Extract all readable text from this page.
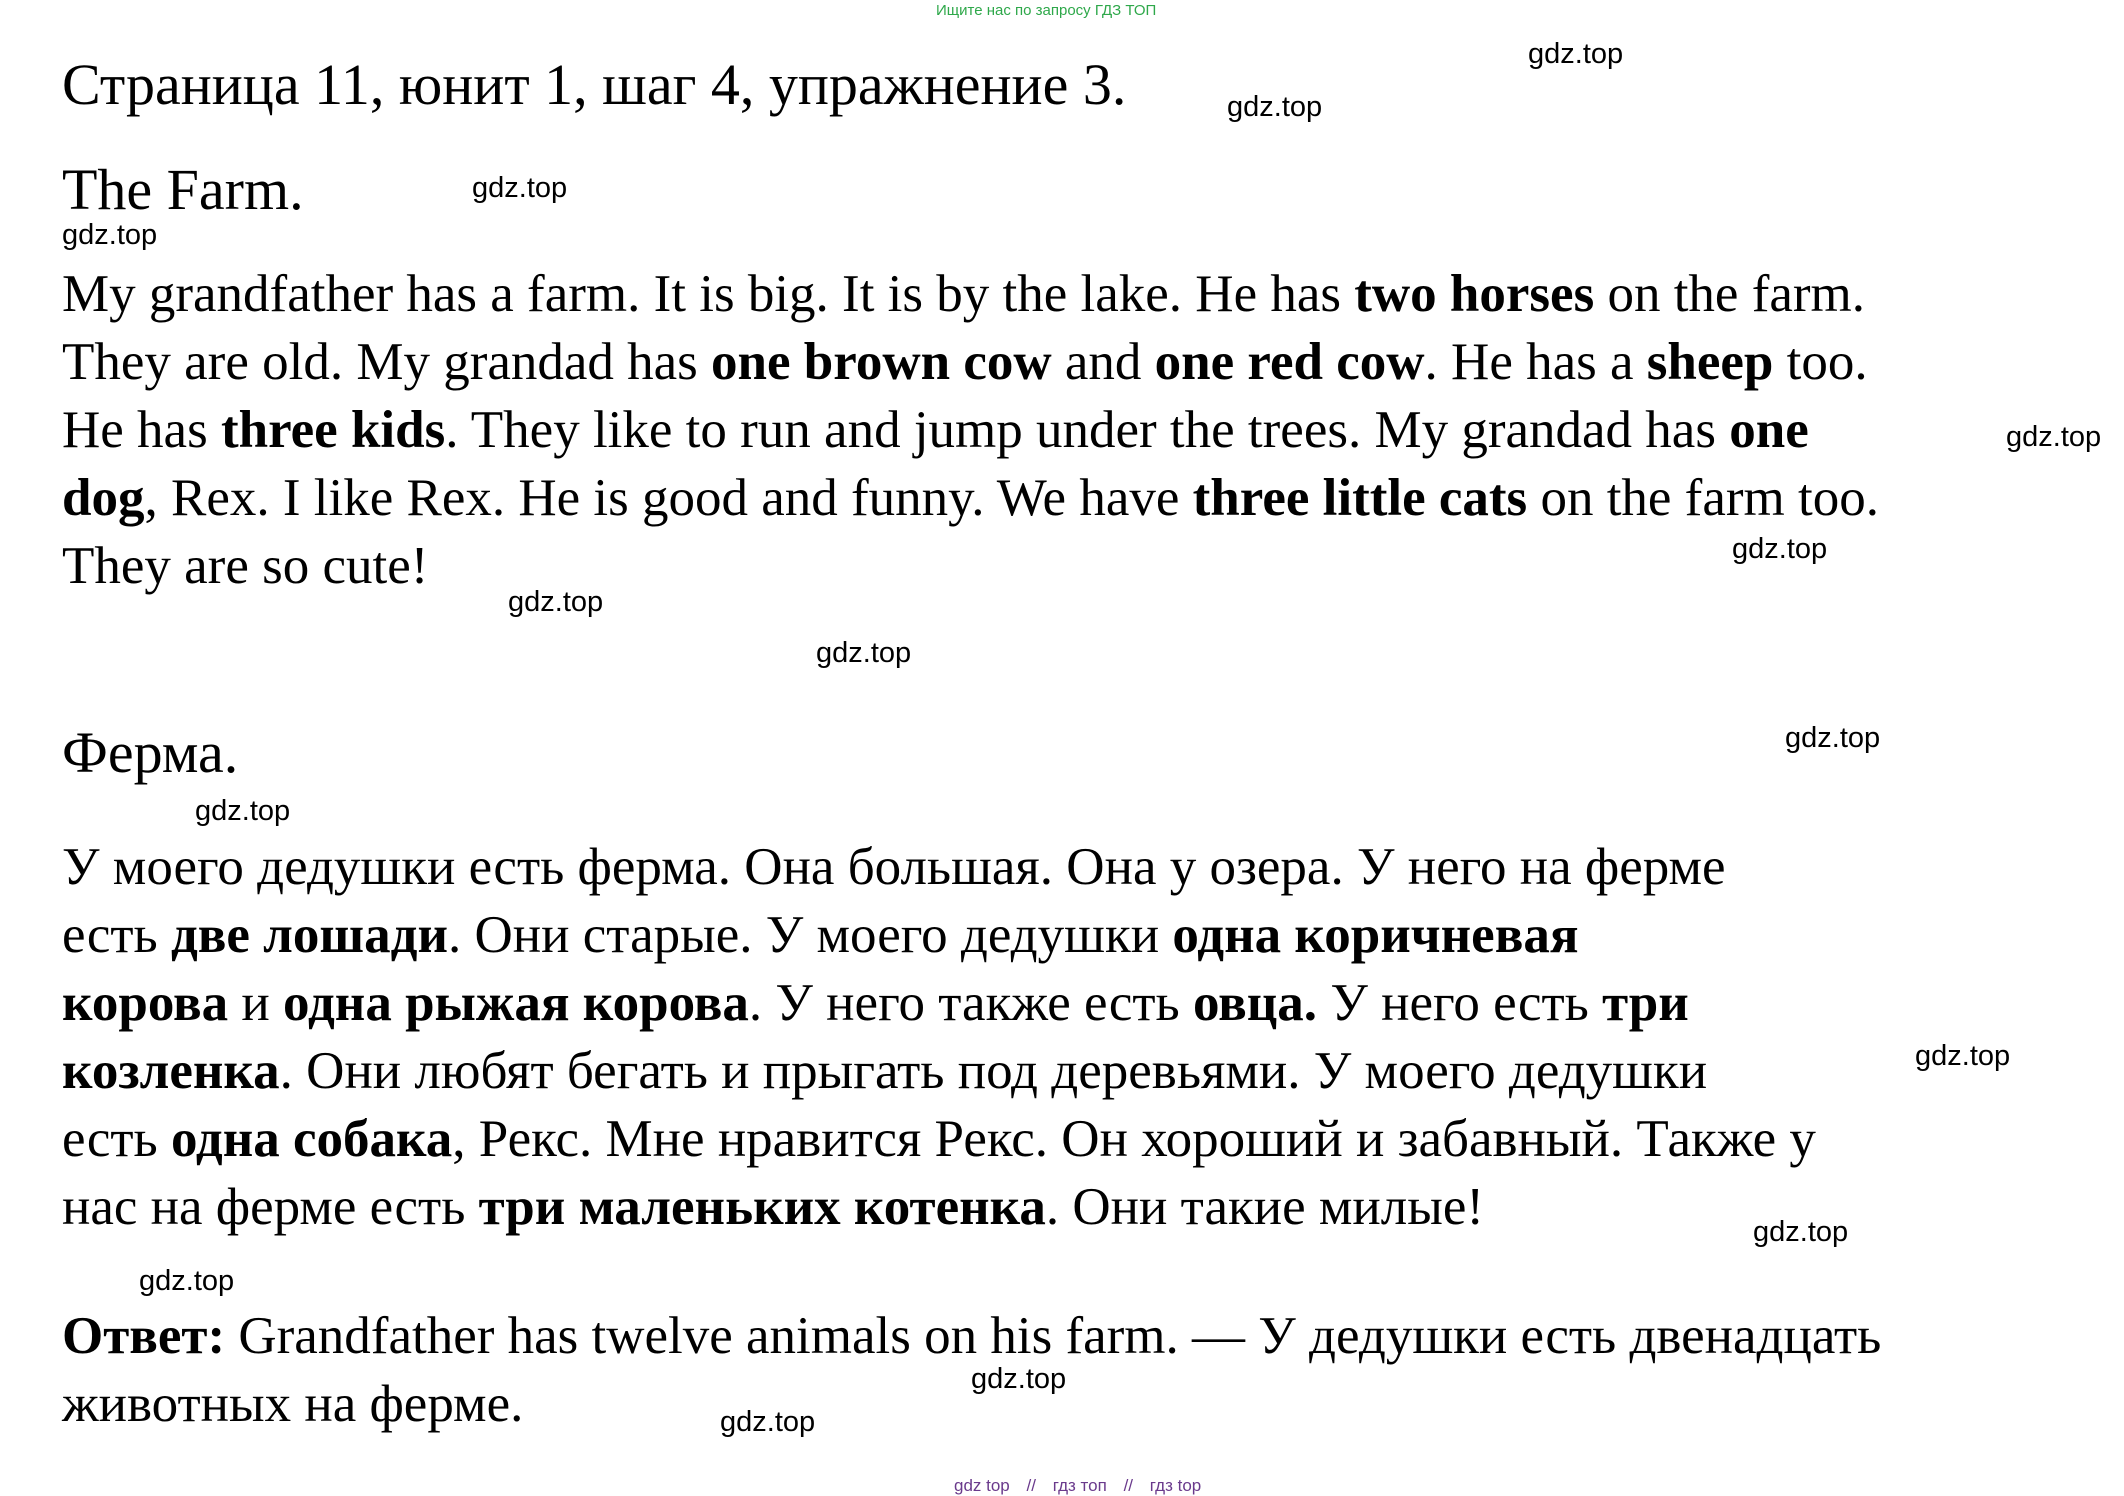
Ищите нас по запросу ГДЗ ТОП
Страница 11, юнит 1, шаг 4, упражнение 3.
The Farm.
My grandfather has a farm. It is big. It is by the lake. He has two horses on the farm.
They are old. My grandad has one brown cow and one red cow. He has a sheep too.
He has three kids. They like to run and jump under the trees. My grandad has one
dog, Rex. I like Rex. He is good and funny. We have three little cats on the farm too.
They are so cute!
Ферма.
У моего дедушки есть ферма. Она большая. Она у озера. У него на ферме
есть две лошади. Они старые. У моего дедушки одна коричневая
корова и одна рыжая корова. У него также есть овца. У него есть три
козленка. Они любят бегать и прыгать под деревьями. У моего дедушки
есть одна собака, Рекс. Мне нравится Рекс. Он хороший и забавный. Также у
нас на ферме есть три маленьких котенка. Они такие милые!
Ответ: Grandfather has twelve animals on his farm. — У дедушки есть двенадцать
животных на ферме.
gdz.top
gdz.top
gdz.top
gdz.top
gdz.top
gdz.top
gdz.top
gdz.top
gdz.top
gdz.top
gdz.top
gdz.top
gdz.top
gdz.top
gdz.top
gdz top // гдз топ // гдз top
